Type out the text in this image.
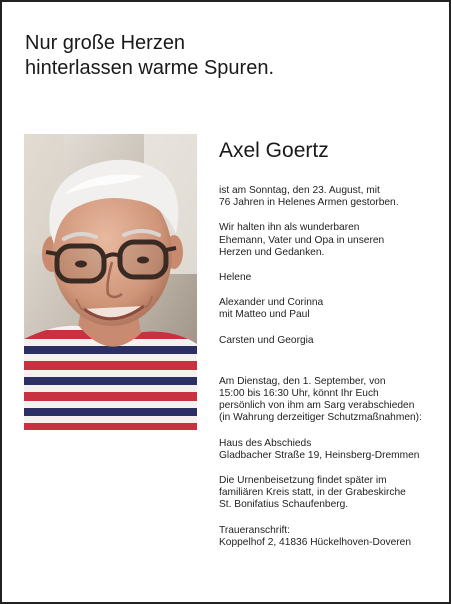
Nur große Herzen
hinterlassen warme Spuren.
Axel Goertz

ist am Sonntag, den 23. August, mit
76 Jahren in Helenes Armen gestorben.

Wir halten ihn als wunderbaren
Ehemann, Vater und Opa in unseren
Herzen und Gedanken.

Helene

Alexander und Corinna
mit Matteo und Paul

Carsten und Georgia

Am Dienstag, den 1. September, von
15:00 bis 16:30 Uhr, könnt Ihr Euch
persönlich von ihm am Sarg verabschieden
(in Wahrung derzeitiger Schutzmaßnahmen):

Haus des Abschieds
Gladbacher Straße 19, Heinsberg-Dremmen

Die Urnenbeisetzung findet später im
familiären Kreis statt, in der Grabeskirche
St. Bonifatius Schaufenberg.

Traueranschrift:
Koppelhof 2, 41836 Hückelhoven-Doveren
